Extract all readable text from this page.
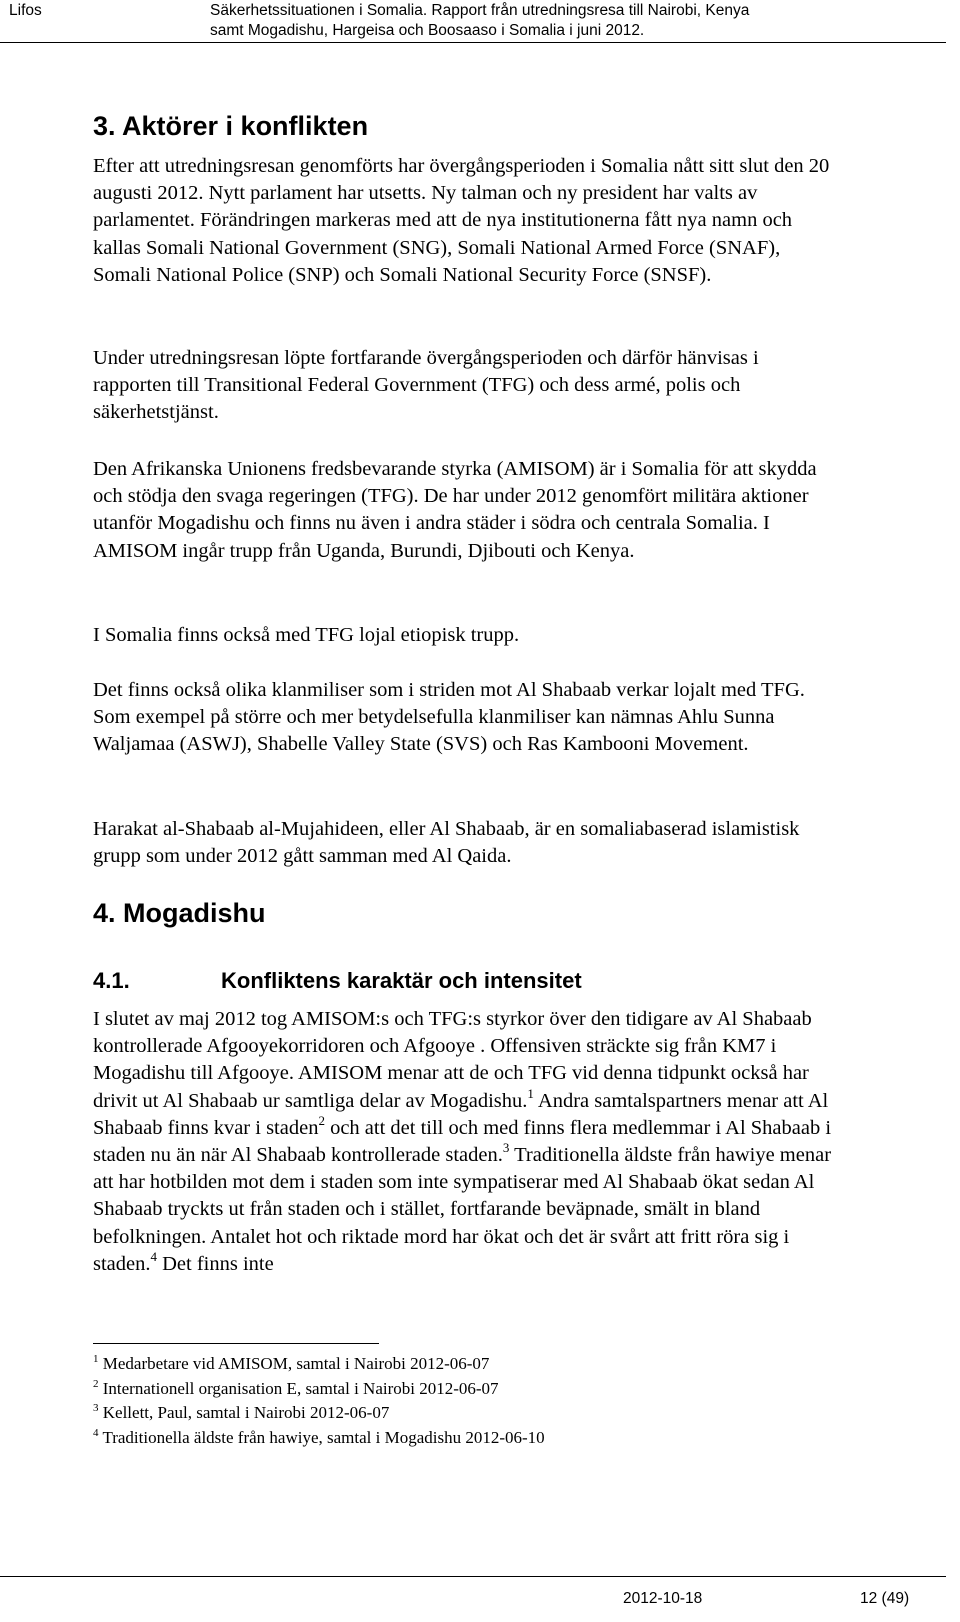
Lifos	Säkerhetssituationen i Somalia. Rapport från utredningsresa till Nairobi, Kenya
samt Mogadishu, Hargeisa och Boosaaso i Somalia i juni 2012.
3. Aktörer i konflikten

Efter att utredningsresan genomförts har övergångsperioden i Somalia nått sitt slut den 20 augusti 2012. Nytt parlament har utsetts. Ny talman och ny president har valts av parlamentet. Förändringen markeras med att de nya institutionerna fått nya namn och kallas Somali National Government (SNG), Somali National Armed Force (SNAF), Somali National Police (SNP) och Somali National Security Force (SNSF).

Under utredningsresan löpte fortfarande övergångsperioden och därför hänvisas i rapporten till Transitional Federal Government (TFG) och dess armé, polis och säkerhetstjänst.

Den Afrikanska Unionens fredsbevarande styrka (AMISOM) är i Somalia för att skydda och stödja den svaga regeringen (TFG). De har under 2012 genomfört militära aktioner utanför Mogadishu och finns nu även i andra städer i södra och centrala Somalia. I AMISOM ingår trupp från Uganda, Burundi, Djibouti och Kenya.

I Somalia finns också med TFG lojal etiopisk trupp.

Det finns också olika klanmiliser som i striden mot Al Shabaab verkar lojalt med TFG. Som exempel på större och mer betydelsefulla klanmiliser kan nämnas Ahlu Sunna Waljamaa (ASWJ), Shabelle Valley State (SVS) och Ras Kambooni Movement.

Harakat al-Shabaab al-Mujahideen, eller Al Shabaab, är en somaliabaserad islamistisk grupp som under 2012 gått samman med Al Qaida.

4. Mogadishu
4.1.	Konfliktens karaktär och intensitet

I slutet av maj 2012 tog AMISOM:s och TFG:s styrkor över den tidigare av Al Shabaab kontrollerade Afgooyekorridoren och Afgooye . Offensiven sträckte sig från KM7 i Mogadishu till Afgooye. AMISOM menar att de och TFG vid denna tidpunkt också har drivit ut Al Shabaab ur samtliga delar av Mogadishu.$^1$ Andra samtalspartners menar att Al Shabaab finns kvar i staden$^2$ och att det till och med finns flera medlemmar i Al Shabaab i staden nu än när Al Shabaab kontrollerade staden.$^3$ Traditionella äldste från hawiye menar att har hotbilden mot dem i staden som inte sympatiserar med Al Shabaab ökat sedan Al Shabaab tryckts ut från staden och i stället, fortfarande beväpnade, smält in bland befolkningen. Antalet hot och riktade mord har ökat och det är svårt att fritt röra sig i staden.$^4$ Det finns inte

$^1$ Medarbetare vid AMISOM, samtal i Nairobi 2012-06-07
$^2$ Internationell organisation E, samtal i Nairobi 2012-06-07
$^3$ Kellett, Paul, samtal i Nairobi 2012-06-07
$^4$ Traditionella äldste från hawiye, samtal i Mogadishu 2012-06-10
2012-10-18	12 (49)
